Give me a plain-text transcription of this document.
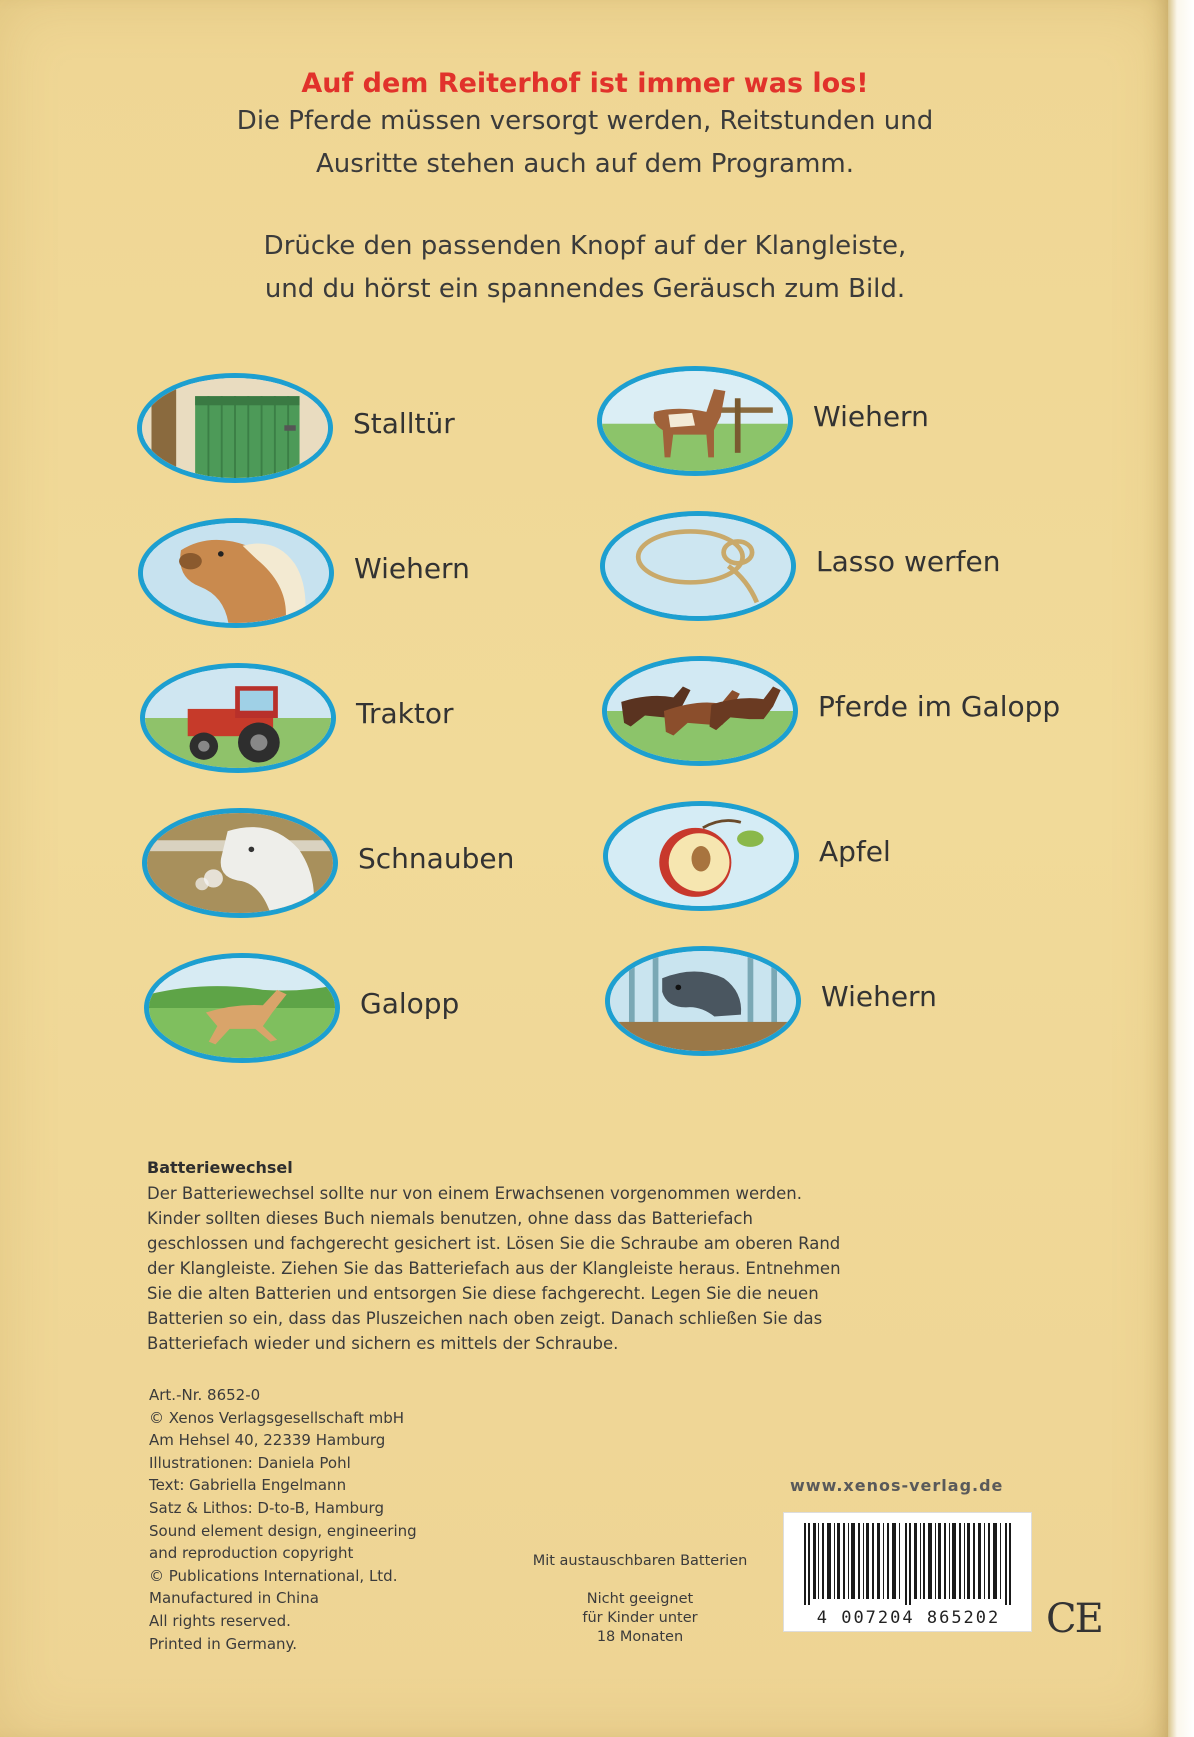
Auf dem Reiterhof ist immer was los!
Die Pferde müssen versorgt werden, Reitstunden und
Ausritte stehen auch auf dem Programm.
Drücke den passenden Knopf auf der Klangleiste,
und du hörst ein spannendes Geräusch zum Bild.
Stalltür
Wiehern
Traktor
Schnauben
Galopp
Wiehern
Lasso werfen
Pferde im Galopp
Apfel
Wiehern
Batteriewechsel
Der Batteriewechsel sollte nur von einem Erwachsenen vorgenommen werden.
Kinder sollten dieses Buch niemals benutzen, ohne dass das Batteriefach
geschlossen und fachgerecht gesichert ist. Lösen Sie die Schraube am oberen Rand
der Klangleiste. Ziehen Sie das Batteriefach aus der Klangleiste heraus. Entnehmen
Sie die alten Batterien und entsorgen Sie diese fachgerecht. Legen Sie die neuen
Batterien so ein, dass das Pluszeichen nach oben zeigt. Danach schließen Sie das
Batteriefach wieder und sichern es mittels der Schraube.
Art.-Nr. 8652-0
© Xenos Verlagsgesellschaft mbH
Am Hehsel 40, 22339 Hamburg
Illustrationen: Daniela Pohl
Text: Gabriella Engelmann
Satz & Lithos: D-to-B, Hamburg
Sound element design, engineering
and reproduction copyright
© Publications International, Ltd.
Manufactured in China
All rights reserved.
Printed in Germany.
www.xenos-verlag.de
Mit austauschbaren Batterien
Nicht geeignet
für Kinder unter
18 Monaten
4 007204 865202	CE
